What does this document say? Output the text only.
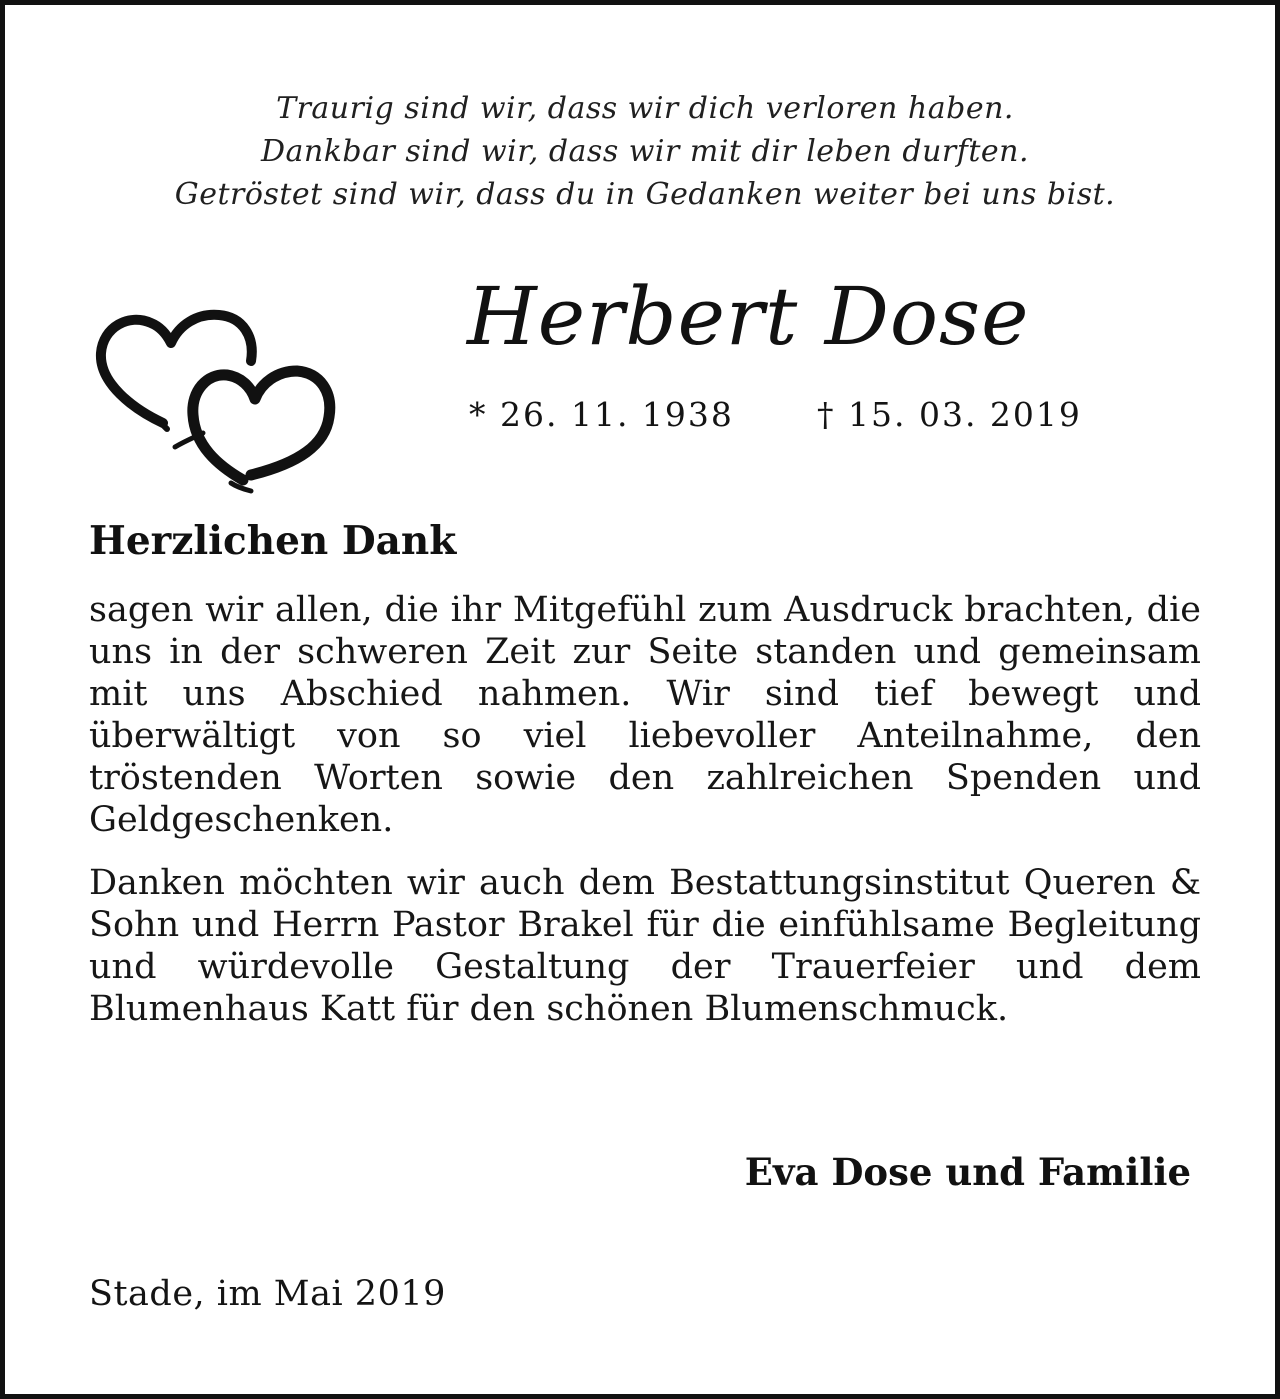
Traurig sind wir, dass wir dich verloren haben.
Dankbar sind wir, dass wir mit dir leben durften.
Getröstet sind wir, dass du in Gedanken weiter bei uns bist.
Herbert Dose
* 26. 11. 1938	† 15. 03. 2019
Herzlichen Dank
sagen wir allen, die ihr Mitgefühl zum Ausdruck brachten, die uns in der schweren Zeit zur Seite standen und gemeinsam mit uns Abschied nahmen. Wir sind tief bewegt und überwältigt von so viel liebevoller Anteilnahme, den tröstenden Worten sowie den zahlreichen Spenden und Geldgeschenken.
Danken möchten wir auch dem Bestattungsinstitut Queren & Sohn und Herrn Pastor Brakel für die einfühlsame Begleitung und würdevolle Gestaltung der Trauerfeier und dem Blumenhaus Katt für den schönen Blumenschmuck.
Eva Dose und Familie
Stade, im Mai 2019
